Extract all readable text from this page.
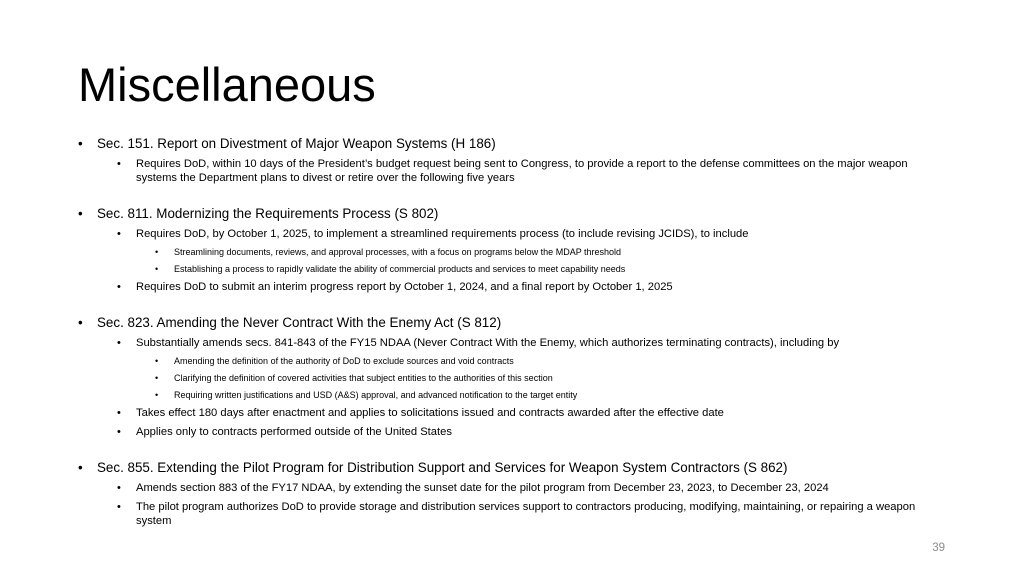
Miscellaneous
• Sec. 151. Report on Divestment of Major Weapon Systems (H 186)
• Requires DoD, within 10 days of the President’s budget request being sent to Congress, to provide a report to the defense committees on the major weapon systems the Department plans to divest or retire over the following five years
• Sec. 811. Modernizing the Requirements Process (S 802)
• Requires DoD, by October 1, 2025, to implement a streamlined requirements process (to include revising JCIDS), to include
• Streamlining documents, reviews, and approval processes, with a focus on programs below the MDAP threshold
• Establishing a process to rapidly validate the ability of commercial products and services to meet capability needs
• Requires DoD to submit an interim progress report by October 1, 2024, and a final report by October 1, 2025
• Sec. 823. Amending the Never Contract With the Enemy Act (S 812)
• Substantially amends secs. 841-843 of the FY15 NDAA (Never Contract With the Enemy, which authorizes terminating contracts), including by
• Amending the definition of the authority of DoD to exclude sources and void contracts
• Clarifying the definition of covered activities that subject entities to the authorities of this section
• Requiring written justifications and USD (A&S) approval, and advanced notification to the target entity
• Takes effect 180 days after enactment and applies to solicitations issued and contracts awarded after the effective date
• Applies only to contracts performed outside of the United States
• Sec. 855. Extending the Pilot Program for Distribution Support and Services for Weapon System Contractors (S 862)
• Amends section 883 of the FY17 NDAA, by extending the sunset date for the pilot program from December 23, 2023, to December 23, 2024
• The pilot program authorizes DoD to provide storage and distribution services support to contractors producing, modifying, maintaining, or repairing a weapon system
39
